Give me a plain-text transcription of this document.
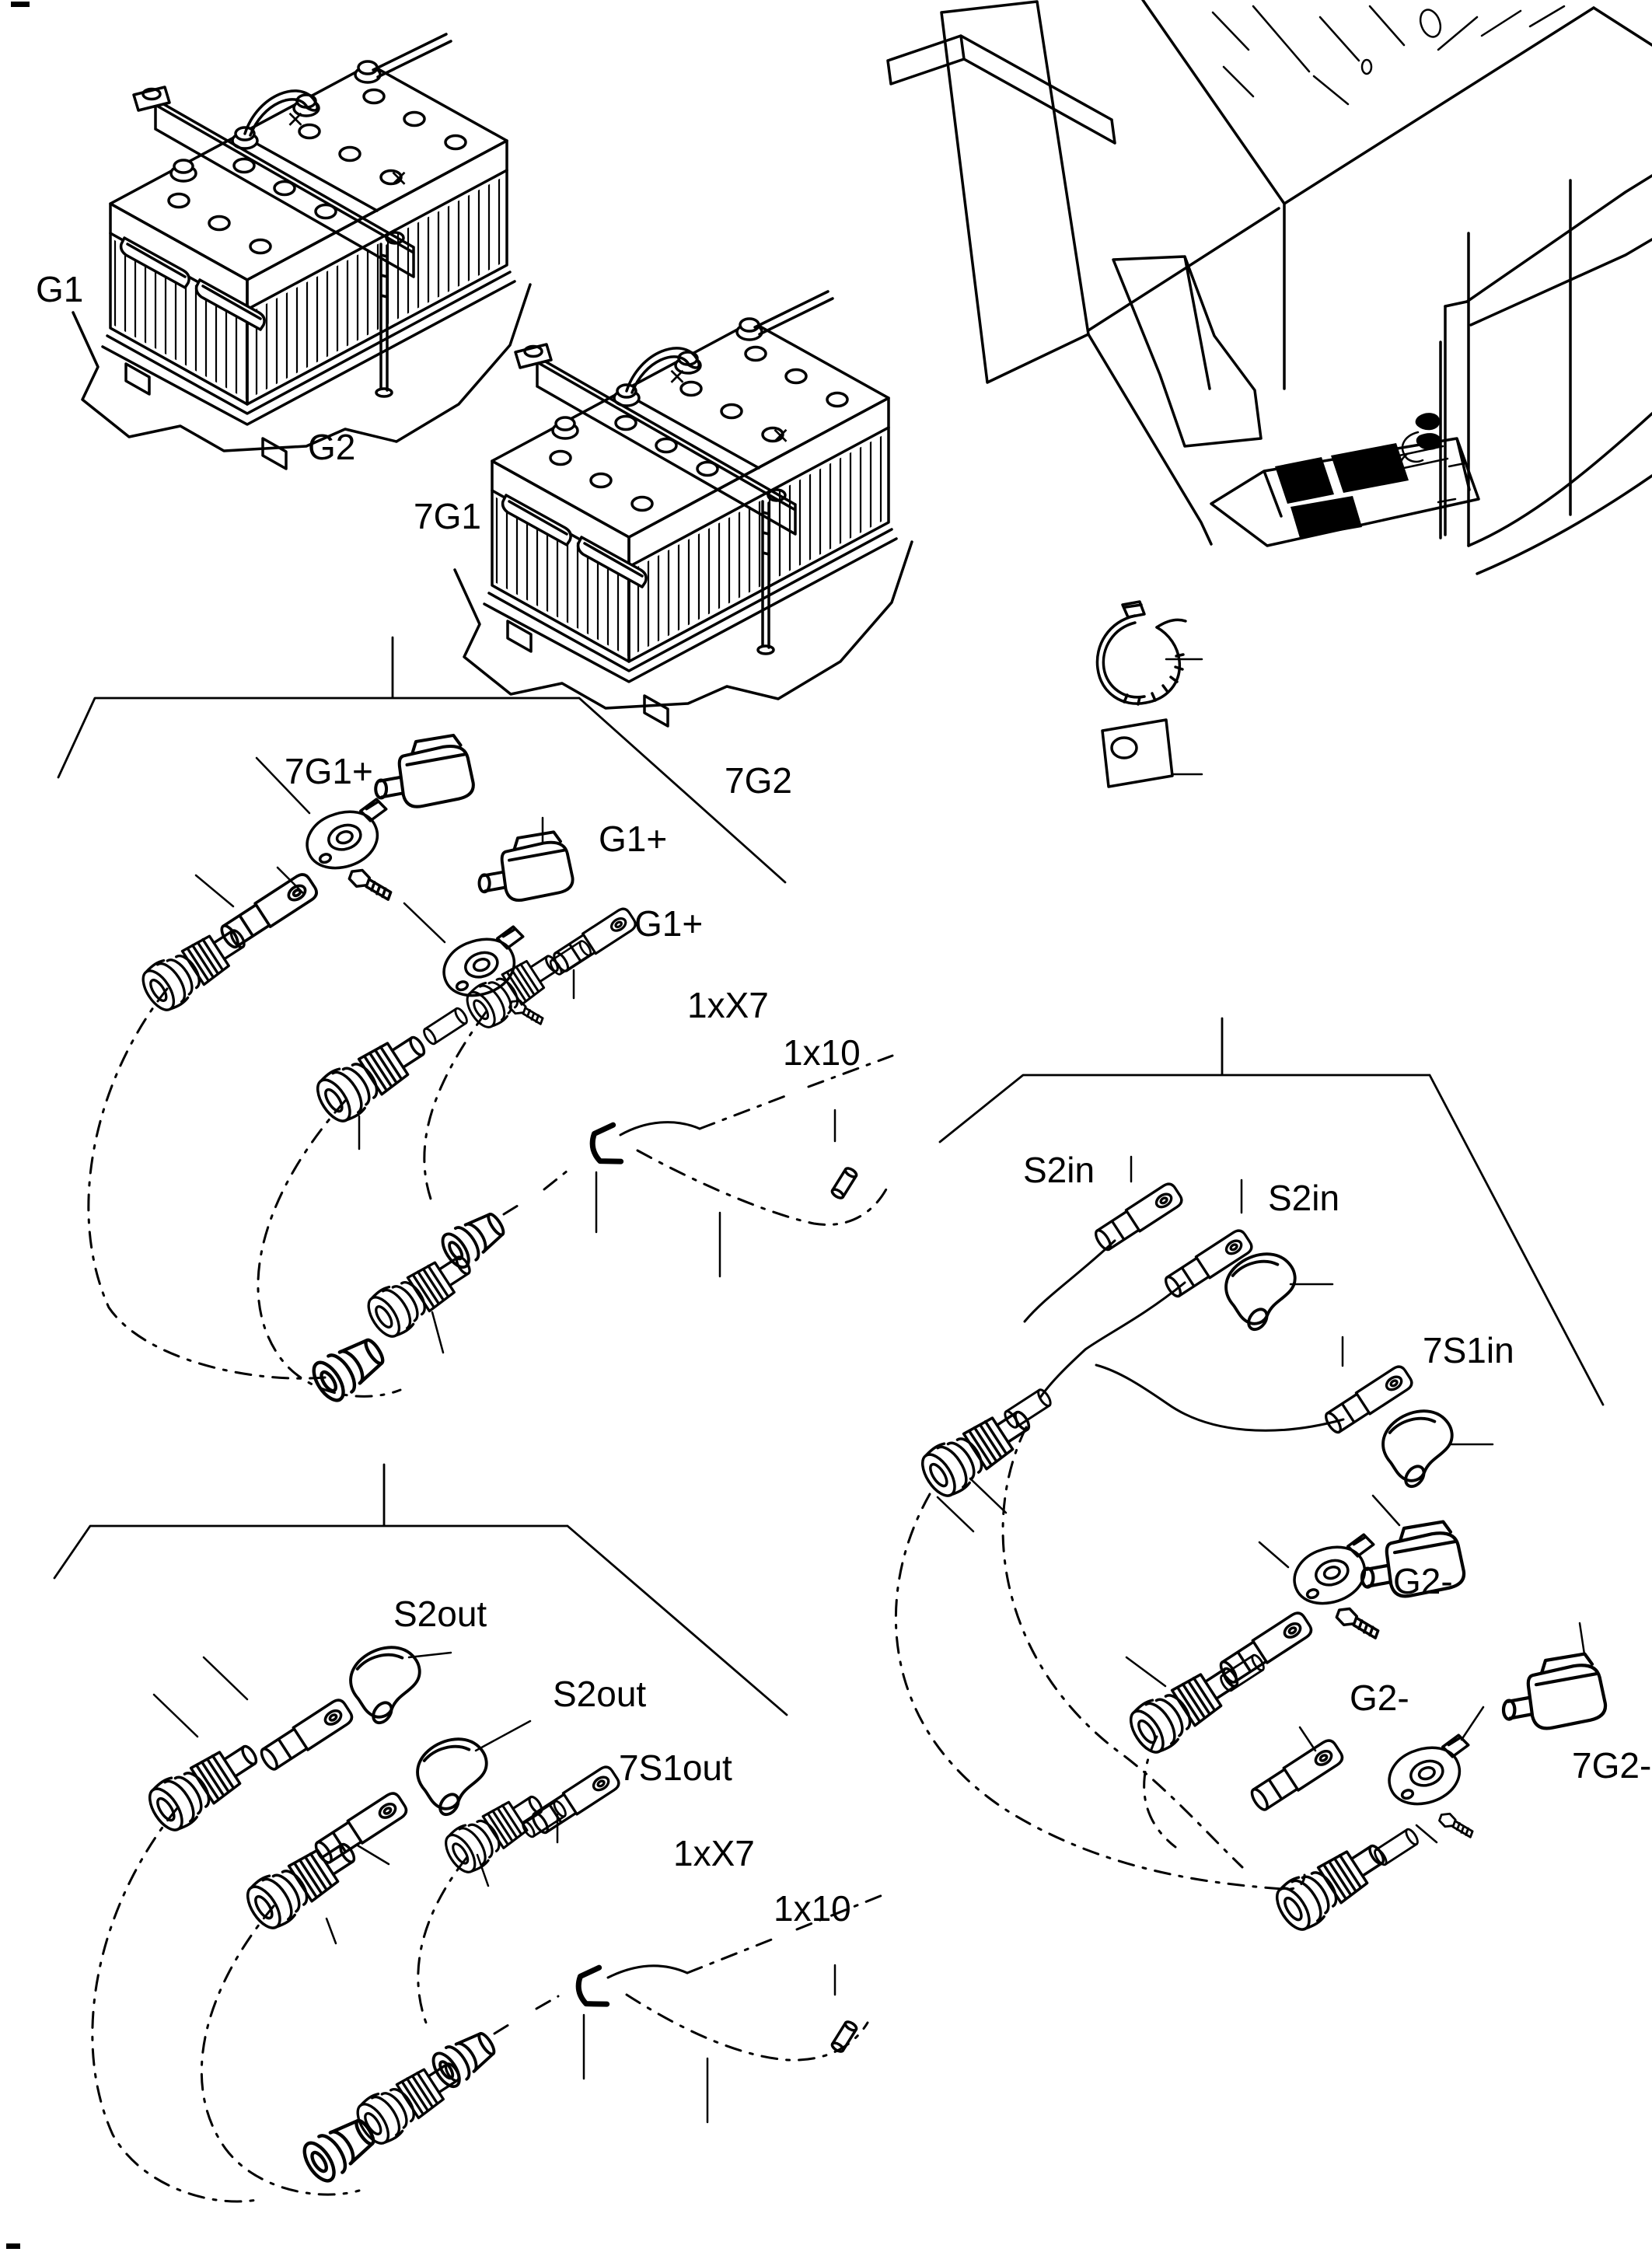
×
×
×
×
G1
G2
7G1
7G2
7G1+
G1+
G1+
1xX7
1x10
S2in
S2in
7S1in
G2-
G2-
7G2-
S2out
S2out
7S1out
1xX7
1x10
